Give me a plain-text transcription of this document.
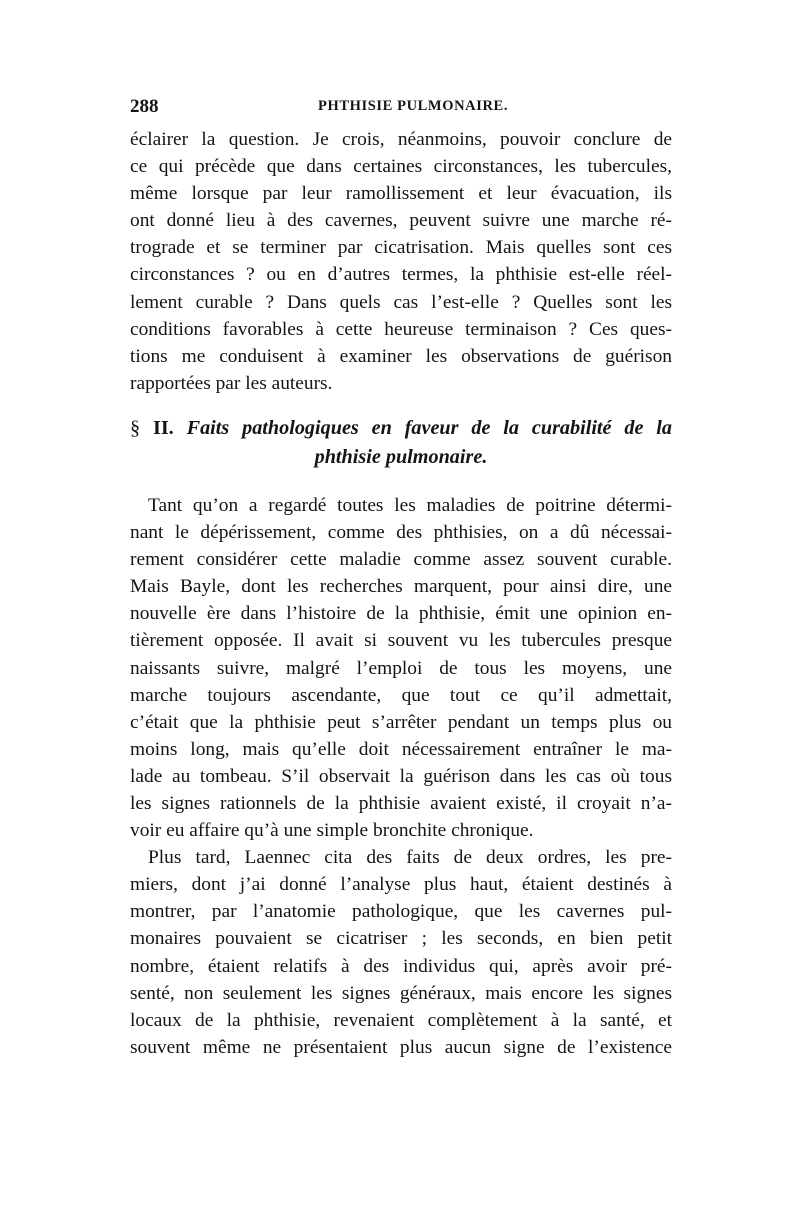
288	PHTHISIE PULMONAIRE.
éclairer la question. Je crois, néanmoins, pouvoir conclure de
ce qui précède que dans certaines circonstances, les tubercules,
même lorsque par leur ramollissement et leur évacuation, ils
ont donné lieu à des cavernes, peuvent suivre une marche ré-
trograde et se terminer par cicatrisation. Mais quelles sont ces
circonstances ? ou en d’autres termes, la phthisie est-elle réel-
lement curable ? Dans quels cas l’est-elle ? Quelles sont les
conditions favorables à cette heureuse terminaison ? Ces ques-
tions me conduisent à examiner les observations de guérison
rapportées par les auteurs.
§ II. Faits pathologiques en faveur de la curabilité de la
phthisie pulmonaire.
Tant qu’on a regardé toutes les maladies de poitrine détermi-
nant le dépérissement, comme des phthisies, on a dû nécessai-
rement considérer cette maladie comme assez souvent curable.
Mais Bayle, dont les recherches marquent, pour ainsi dire, une
nouvelle ère dans l’histoire de la phthisie, émit une opinion en-
tièrement opposée. Il avait si souvent vu les tubercules presque
naissants suivre, malgré l’emploi de tous les moyens, une
marche toujours ascendante, que tout ce qu’il admettait,
c’était que la phthisie peut s’arrêter pendant un temps plus ou
moins long, mais qu’elle doit nécessairement entraîner le ma-
lade au tombeau. S’il observait la guérison dans les cas où tous
les signes rationnels de la phthisie avaient existé, il croyait n’a-
voir eu affaire qu’à une simple bronchite chronique.
Plus tard, Laennec cita des faits de deux ordres, les pre-
miers, dont j’ai donné l’analyse plus haut, étaient destinés à
montrer, par l’anatomie pathologique, que les cavernes pul-
monaires pouvaient se cicatriser ; les seconds, en bien petit
nombre, étaient relatifs à des individus qui, après avoir pré-
senté, non seulement les signes généraux, mais encore les signes
locaux de la phthisie, revenaient complètement à la santé, et
souvent même ne présentaient plus aucun signe de l’existence
